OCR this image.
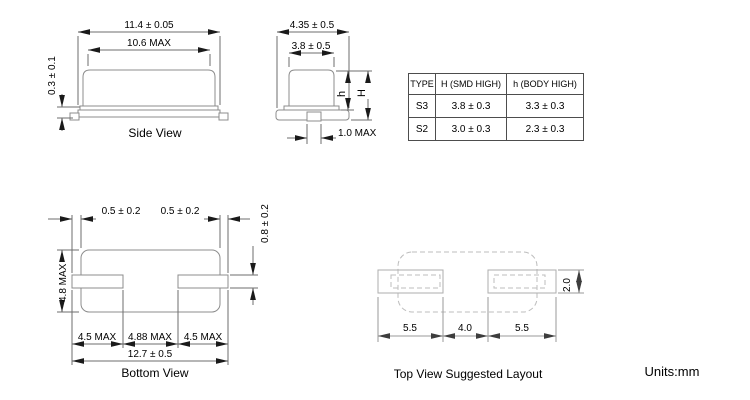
11.4 ± 0.05
10.6 MAX
0.3 ± 0.1
Side View
4.35 ± 0.5
3.8 ± 0.5
h H
1.0 MAX
0.5 ± 0.2 0.5 ± 0.2	0.8 ± 0.2
4.8 MAX
4.5 MAX 4.88 MAX 4.5 MAX
12.7 ± 0.5
Bottom View
5.5	4.0	5.5
2.0
Top View Suggested Layout
TYPE	H (SMD HIGH)	h (BODY HIGH)
S3	3.8 ± 0.3	3.3 ± 0.3
S2	3.0 ± 0.3	2.3 ± 0.3
Units:mm
